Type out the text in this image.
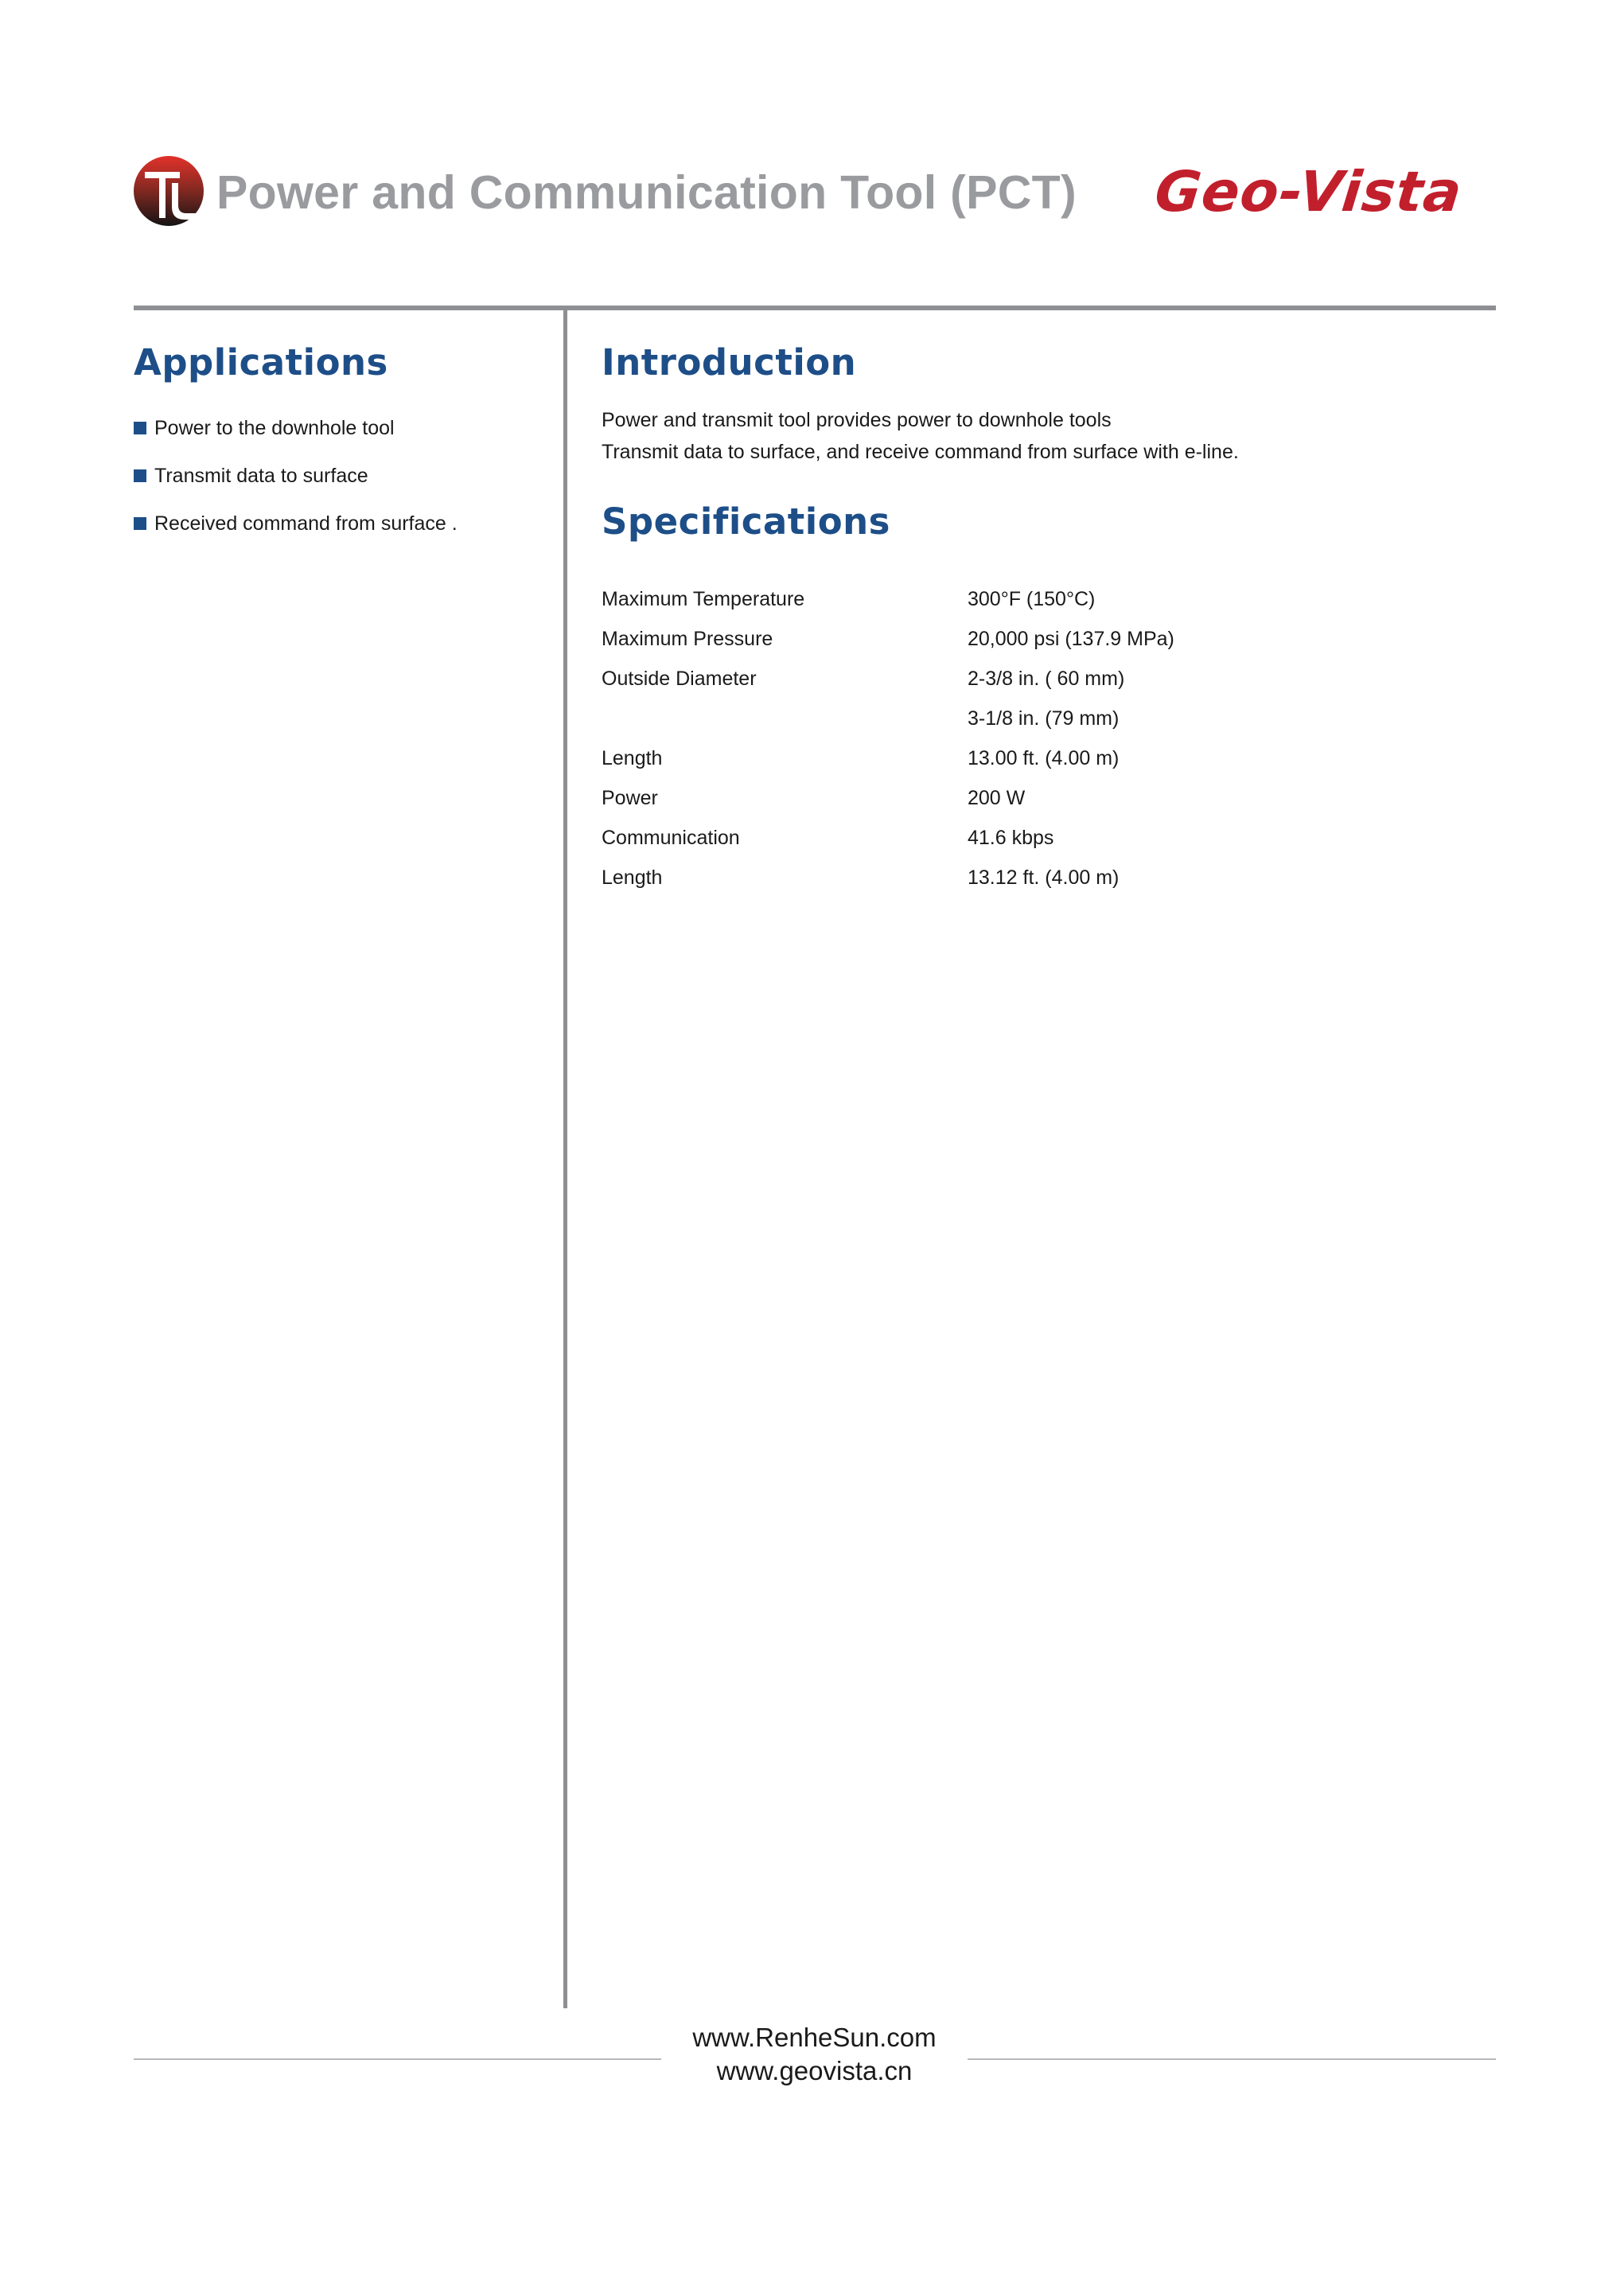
Power and Communication Tool (PCT) Geo-Vista
Applications
Power to the downhole tool
Transmit data to surface
Received command from surface .
Introduction
Power and transmit tool provides power to downhole tools
Transmit data to surface, and receive command from surface with e-line.
Specifications
Maximum Temperature	300°F (150°C)
Maximum Pressure	20,000 psi (137.9 MPa)
Outside Diameter	2-3/8 in. ( 60 mm)
3-1/8 in. (79 mm)
Length	13.00 ft. (4.00 m)
Power	200 W
Communication	41.6 kbps
Length	13.12 ft. (4.00 m)
www.RenheSun.com
www.geovista.cn
